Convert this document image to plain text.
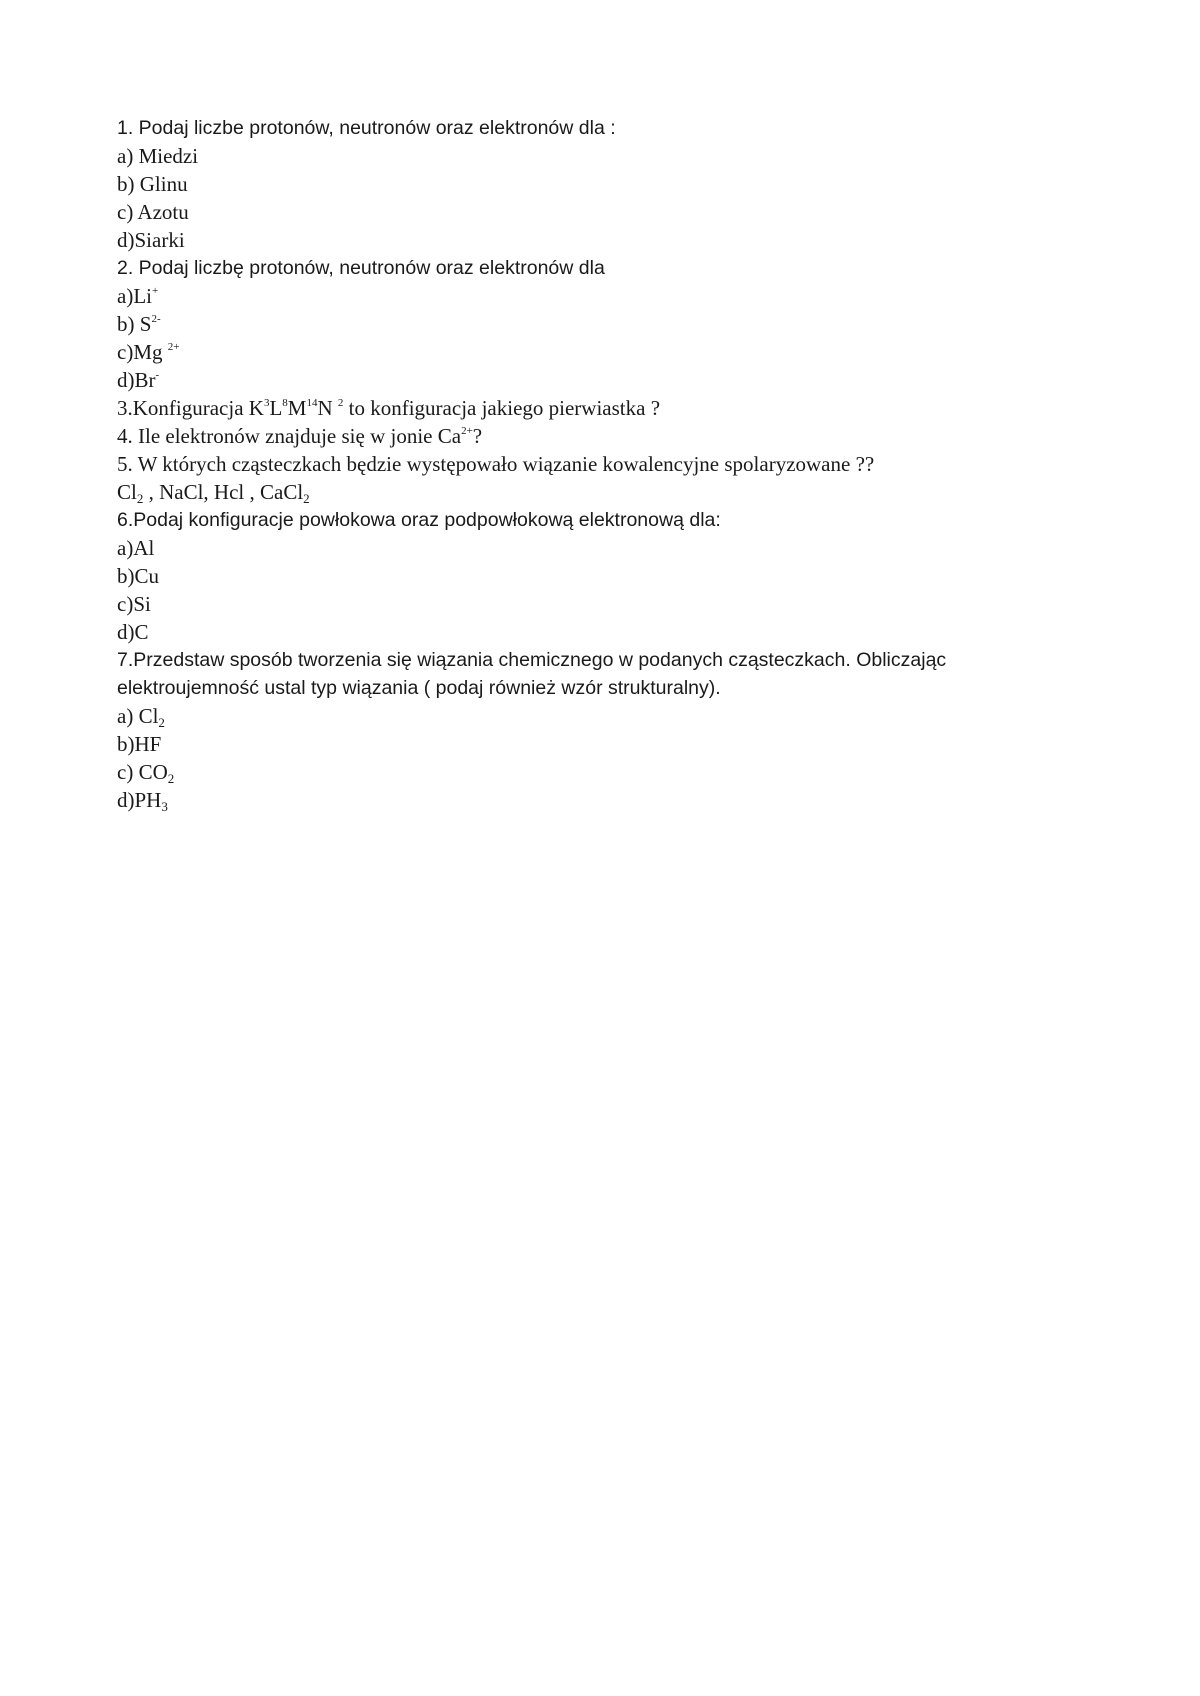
1. Podaj liczbe protonów, neutronów oraz elektronów dla :
a) Miedzi
b) Glinu
c) Azotu
d)Siarki
2. Podaj liczbę protonów, neutronów oraz elektronów dla
a)Li+
b) $S^{2-}$
c)Mg $^{2+}$
d)Br-
3.Konfiguracja $K^3L^8M^{14}N$ $^2$ to konfiguracja jakiego pierwiastka ?
4. Ile elektronów znajduje się w jonie $Ca^{2+}$?
5. W których cząsteczkach będzie występowało wiązanie kowalencyjne spolaryzowane ??
$Cl_2$ , NaCl, Hcl , CaCl$_2$
6.Podaj konfiguracje powłokowa oraz podpowłokową elektronową dla:
a)Al
b)Cu
c)Si
d)C
7.Przedstaw sposób tworzenia się wiązania chemicznego w podanych cząsteczkach. Obliczając
elektroujemność ustal typ wiązania ( podaj również wzór strukturalny).
a) $Cl_2$
b)HF
c) $CO_2$
$d)PH_3$
